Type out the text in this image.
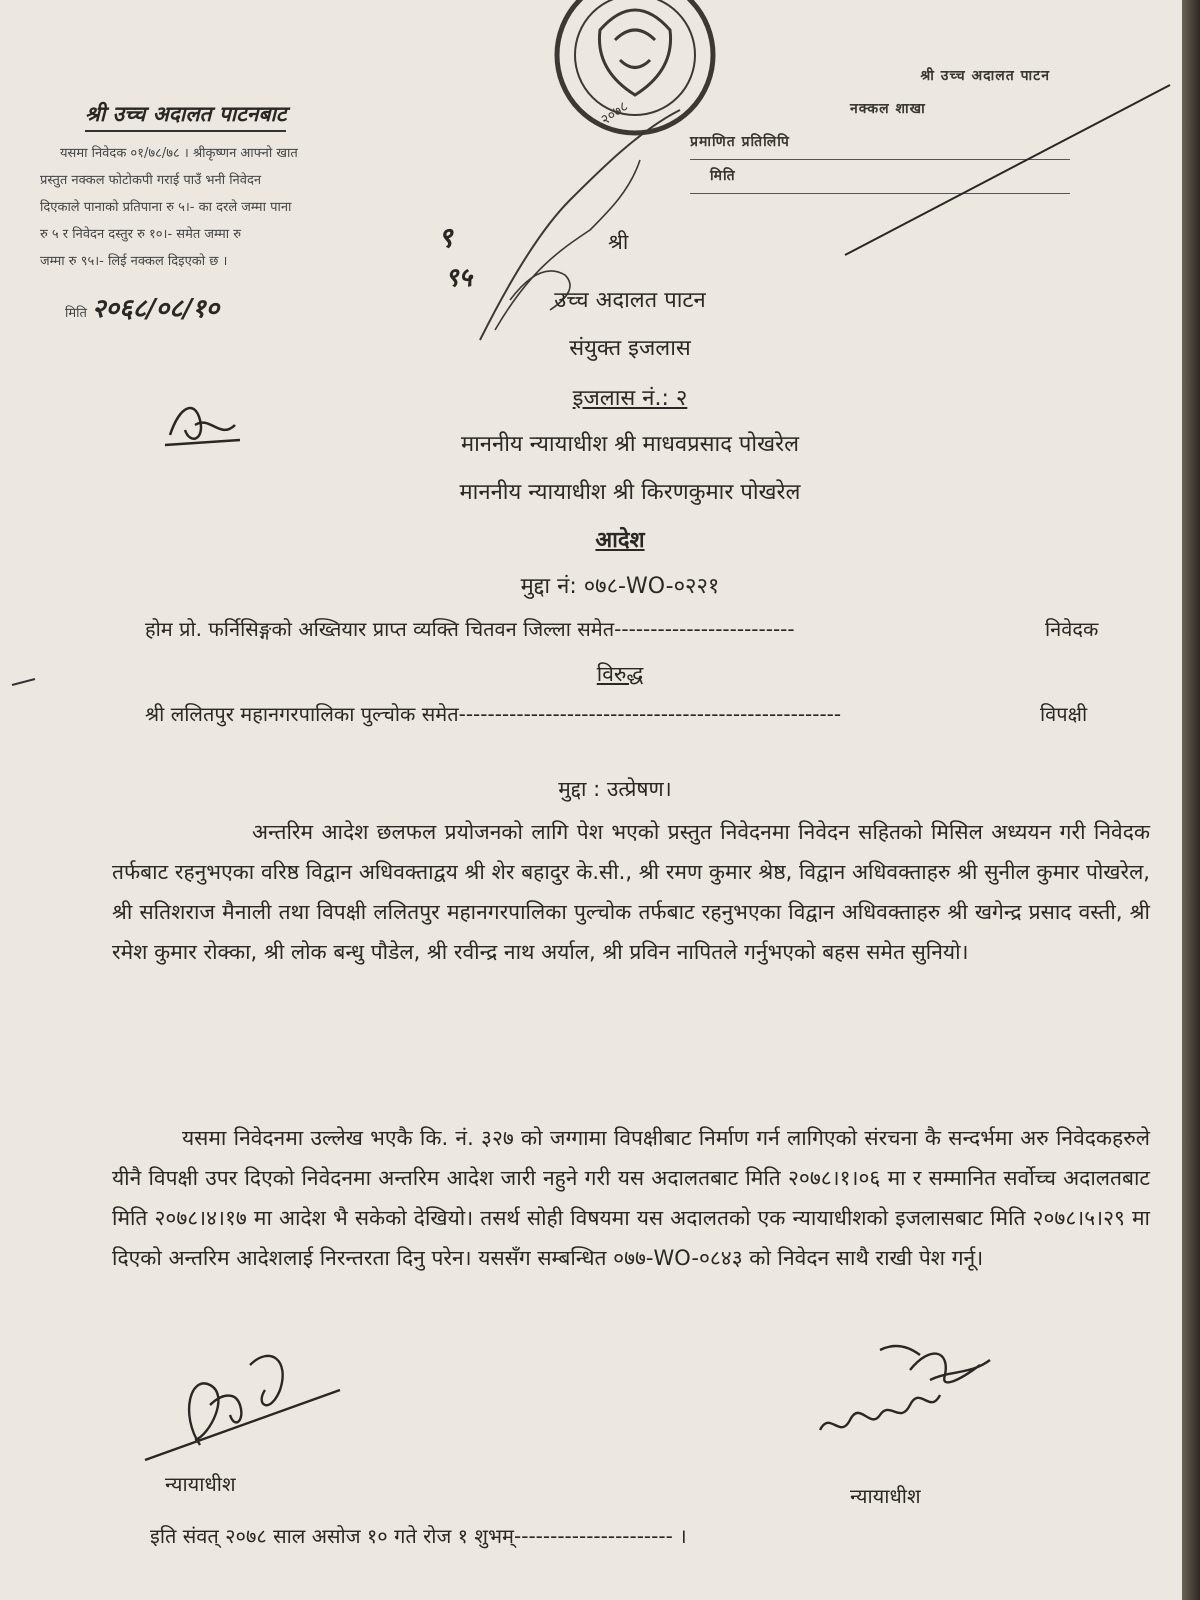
२०७८
श्री उच्च अदालत पाटनबाट
यसमा निवेदक ०१/७८/७८ । श्रीकृष्णन आफ्नो खात
प्रस्तुत नक्कल फोटोकपी गराई पाउँ भनी निवेदन
दिएकाले पानाको प्रतिपाना रु ५।- का दरले जम्मा पाना
रु ५ र निवेदन दस्तुर रु १०।- समेत जम्मा रु
जम्मा रु ९५।- लिई नक्कल दिइएको छ ।
मिति २०६८/०८/१०
९
९५
श्री उच्च अदालत पाटन
नक्कल शाखा
प्रमाणित प्रतिलिपि
मिति
श्री
उच्च अदालत पाटन
संयुक्त इजलास
इजलास नं.: २
माननीय न्यायाधीश श्री माधवप्रसाद पोखरेल
माननीय न्यायाधीश श्री किरणकुमार पोखरेल
आदेश
मुद्दा नं: ०७८-WO-०२२१
होम प्रो. फर्निसिङ्गको अख्तियार प्राप्त व्यक्ति चितवन जिल्ला समेत-------------------------	निवेदक
विरुद्ध
श्री ललितपुर महानगरपालिका पुल्चोक समेत-----------------------------------------------------	विपक्षी
मुद्दा : उत्प्रेषण।
अन्तरिम आदेश छलफल प्रयोजनको लागि पेश भएको प्रस्तुत निवेदनमा निवेदन सहितको मिसिल अध्ययन गरी निवेदक तर्फबाट रहनुभएका वरिष्ठ विद्वान अधिवक्ताद्वय श्री शेर बहादुर के.सी., श्री रमण कुमार श्रेष्ठ, विद्वान अधिवक्ताहरु श्री सुनील कुमार पोखरेल, श्री सतिशराज मैनाली तथा विपक्षी ललितपुर महानगरपालिका पुल्चोक तर्फबाट रहनुभएका विद्वान अधिवक्ताहरु श्री खगेन्द्र प्रसाद वस्ती, श्री रमेश कुमार रोक्का, श्री लोक बन्धु पौडेल, श्री रवीन्द्र नाथ अर्याल, श्री प्रविन नापितले गर्नुभएको बहस समेत सुनियो।
यसमा निवेदनमा उल्लेख भएकै कि. नं. ३२७ को जग्गामा विपक्षीबाट निर्माण गर्न लागिएको संरचना कै सन्दर्भमा अरु निवेदकहरुले यीनै विपक्षी उपर दिएको निवेदनमा अन्तरिम आदेश जारी नहुने गरी यस अदालतबाट मिति २०७८।१।०६ मा र सम्मानित सर्वोच्च अदालतबाट मिति २०७८।४।१७ मा आदेश भै सकेको देखियो। तसर्थ सोही विषयमा यस अदालतको एक न्यायाधीशको इजलासबाट मिति २०७८।५।२९ मा दिएको अन्तरिम आदेशलाई निरन्तरता दिनु परेन। यससँग सम्बन्धित ०७७-WO-०८४३ को निवेदन साथै राखी पेश गर्नू।
न्यायाधीश	न्यायाधीश
इति संवत् २०७८ साल असोज १० गते रोज १ शुभम्---------------------- ।
